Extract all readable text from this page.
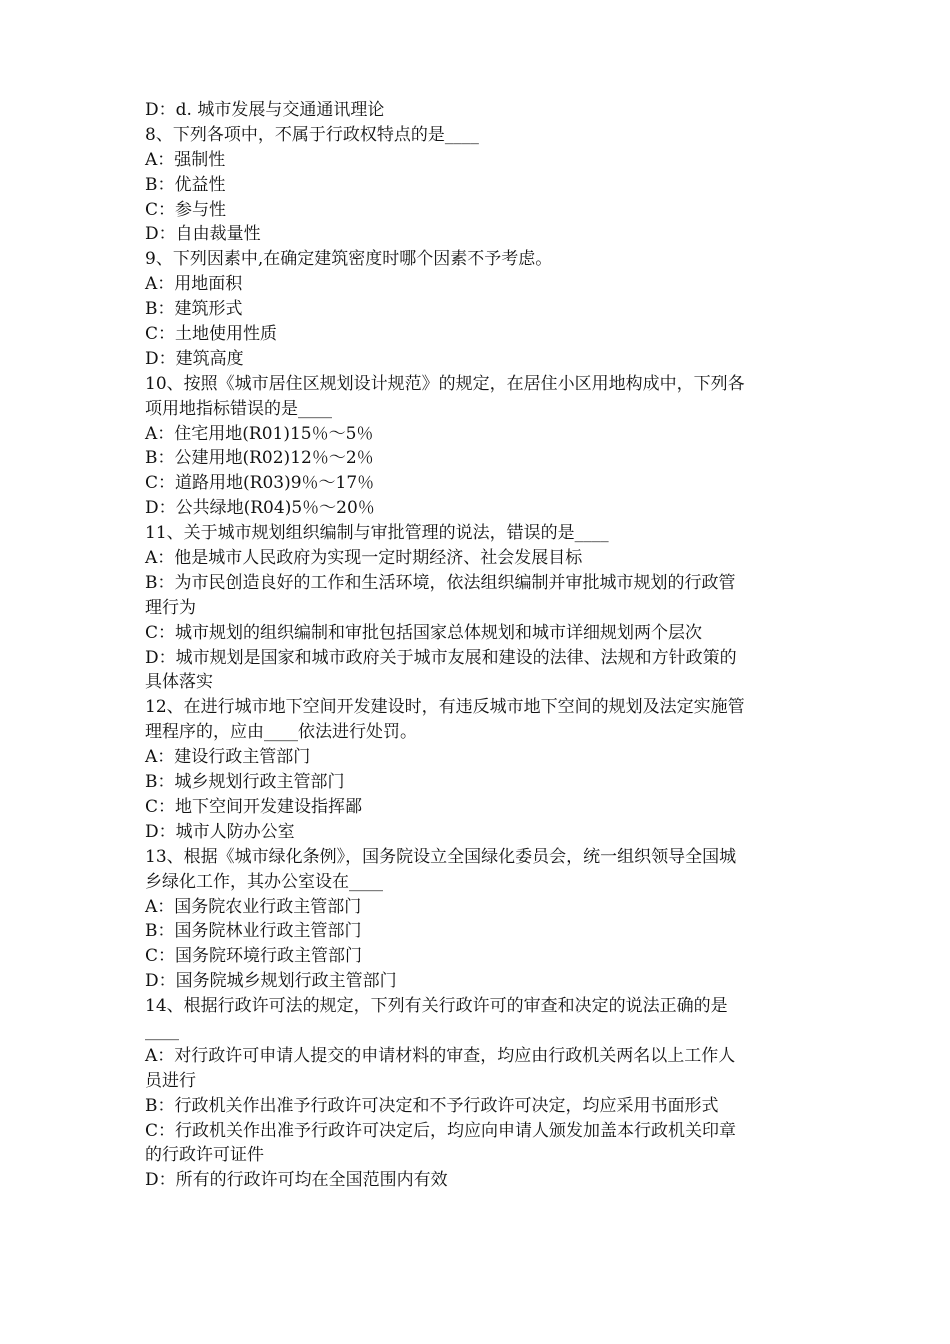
D：d. 城市发展与交通通讯理论
8、下列各项中，不属于行政权特点的是____
A：强制性
B：优益性
C：参与性
D：自由裁量性
9、下列因素中,在确定建筑密度时哪个因素不予考虑。
A：用地面积
B：建筑形式
C：土地使用性质
D：建筑高度
10、按照《城市居住区规划设计规范》的规定，在居住小区用地构成中，下列各
项用地指标错误的是____
A：住宅用地(R01)15％～5％
B：公建用地(R02)12％～2％
C：道路用地(R03)9％～17％
D：公共绿地(R04)5％～20％
11、关于城市规划组织编制与审批管理的说法，错误的是____
A：他是城市人民政府为实现一定时期经济、社会发展目标
B：为市民创造良好的工作和生活环境，依法组织编制并审批城市规划的行政管
理行为
C：城市规划的组织编制和审批包括国家总体规划和城市详细规划两个层次
D：城市规划是国家和城市政府关于城市友展和建设的法律、法规和方针政策的
具体落实
12、在进行城市地下空间开发建设时，有违反城市地下空间的规划及法定实施管
理程序的，应由____依法进行处罚。
A：建设行政主管部门
B：城乡规划行政主管部门
C：地下空间开发建设指挥鄙
D：城市人防办公室
13、根据《城市绿化条例》，国务院设立全国绿化委员会，统一组织领导全国城
乡绿化工作，其办公室设在____
A：国务院农业行政主管部门
B：国务院林业行政主管部门
C：国务院环境行政主管部门
D：国务院城乡规划行政主管部门
14、根据行政许可法的规定，下列有关行政许可的审查和决定的说法正确的是
____
A：对行政许可申请人提交的申请材料的审查，均应由行政机关两名以上工作人
员进行
B：行政机关作出准予行政许可决定和不予行政许可决定，均应采用书面形式
C：行政机关作出准予行政许可决定后，均应向申请人颁发加盖本行政机关印章
的行政许可证件
D：所有的行政许可均在全国范围内有效
